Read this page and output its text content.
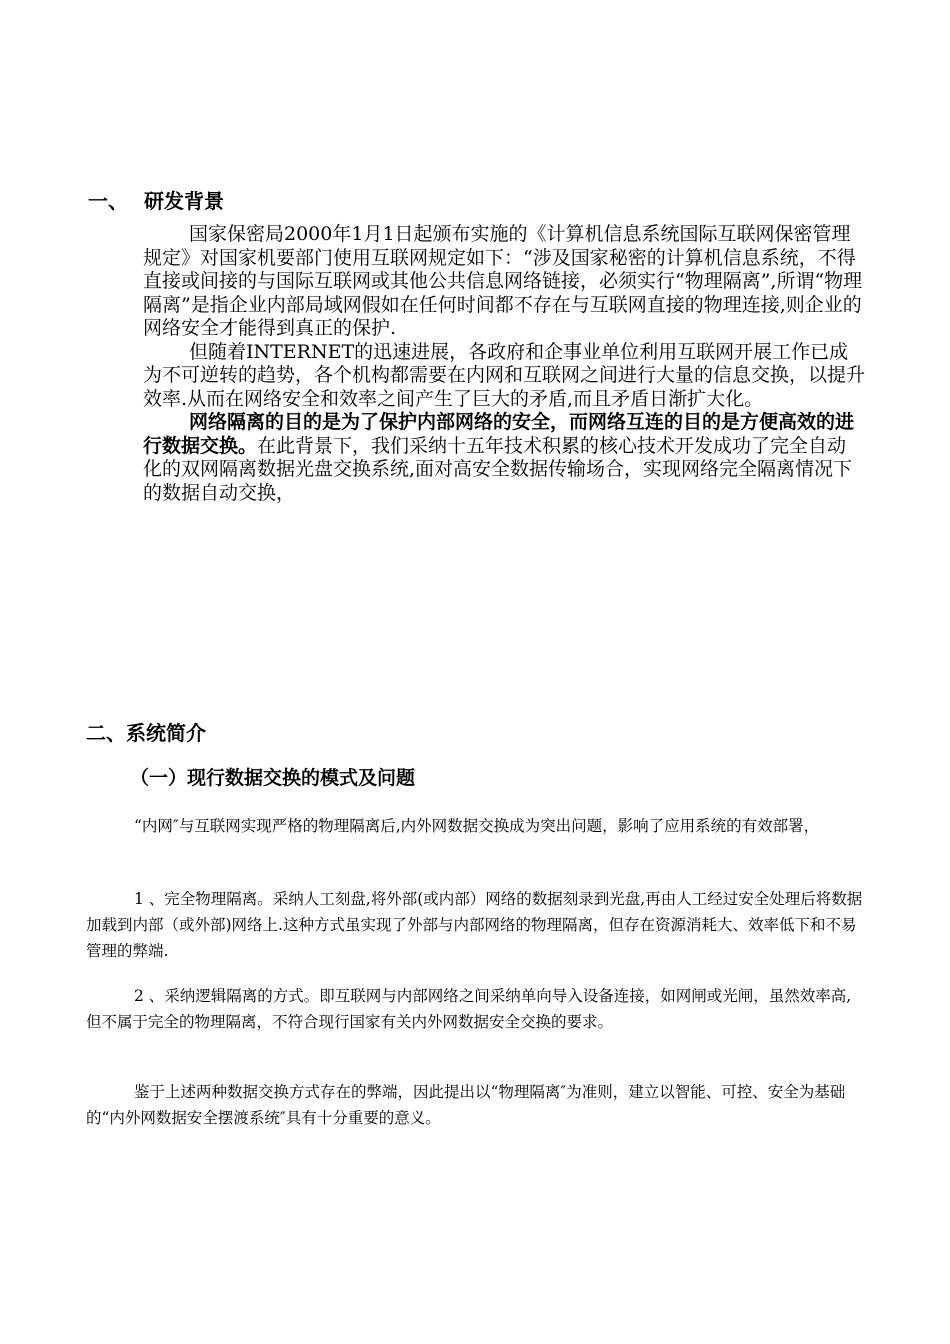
一、 研发背景

国家保密局2000年1月1日起颁布实施的《计算机信息系统国际互联网保密管理规定》对国家机要部门使用互联网规定如下：“涉及国家秘密的计算机信息系统，不得直接或间接的与国际互联网或其他公共信息网络链接，必须实行“物理隔离”,所谓“物理隔离”是指企业内部局域网假如在任何时间都不存在与互联网直接的物理连接,则企业的网络安全才能得到真正的保护.

但随着INTERNET的迅速进展，各政府和企事业单位利用互联网开展工作已成为不可逆转的趋势，各个机构都需要在内网和互联网之间进行大量的信息交换，以提升效率.从而在网络安全和效率之间产生了巨大的矛盾,而且矛盾日渐扩大化。

网络隔离的目的是为了保护内部网络的安全，而网络互连的目的是方便高效的进行数据交换。在此背景下，我们采纳十五年技术积累的核心技术开发成功了完全自动化的双网隔离数据光盘交换系统,面对高安全数据传输场合，实现网络完全隔离情况下的数据自动交换，

二、系统简介
（一）现行数据交换的模式及问题

“内网″与互联网实现严格的物理隔离后,内外网数据交换成为突出问题，影响了应用系统的有效部署，

1 、完全物理隔离。采纳人工刻盘,将外部(或内部）网络的数据刻录到光盘,再由人工经过安全处理后将数据加载到内部（或外部)网络上.这种方式虽实现了外部与内部网络的物理隔离，但存在资源消耗大、效率低下和不易管理的弊端.

2 、采纳逻辑隔离的方式。即互联网与内部网络之间采纳单向导入设备连接，如网闸或光闸，虽然效率高,但不属于完全的物理隔离，不符合现行国家有关内外网数据安全交换的要求。

鉴于上述两种数据交换方式存在的弊端，因此提出以“物理隔离″为准则，建立以智能、可控、安全为基础的“内外网数据安全摆渡系统″具有十分重要的意义。
